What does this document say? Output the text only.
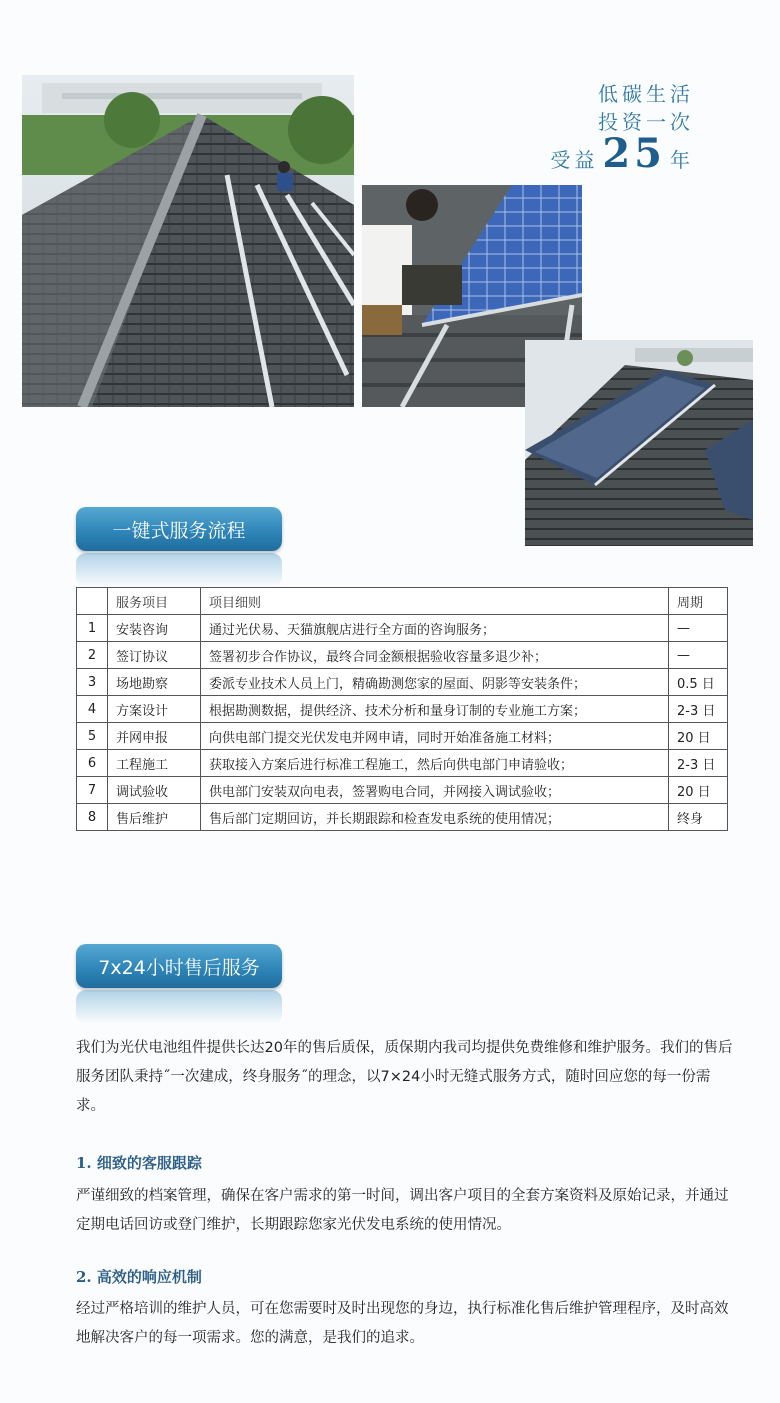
低碳生活
投资一次
受益 25 年
一键式服务流程
	服务项目	项目细则	周期
1	安装咨询	通过光伏易、天猫旗舰店进行全方面的咨询服务；	—
2	签订协议	签署初步合作协议，最终合同金额根据验收容量多退少补；	—
3	场地勘察	委派专业技术人员上门，精确勘测您家的屋面、阴影等安装条件；	0.5 日
4	方案设计	根据勘测数据，提供经济、技术分析和量身订制的专业施工方案；	2-3 日
5	并网申报	向供电部门提交光伏发电并网申请，同时开始准备施工材料；	20 日
6	工程施工	获取接入方案后进行标准工程施工，然后向供电部门申请验收；	2-3 日
7	调试验收	供电部门安装双向电表，签署购电合同，并网接入调试验收；	20 日
8	售后维护	售后部门定期回访，并长期跟踪和检查发电系统的使用情况；	终身
7x24小时售后服务
我们为光伏电池组件提供长达20年的售后质保，质保期内我司均提供免费维修和维护服务。我们的售后服务团队秉持˝一次建成，终身服务˝的理念，以7×24小时无缝式服务方式，随时回应您的每一份需求。
1. 细致的客服跟踪
严谨细致的档案管理，确保在客户需求的第一时间，调出客户项目的全套方案资料及原始记录，并通过定期电话回访或登门维护，长期跟踪您家光伏发电系统的使用情况。
2. 高效的响应机制
经过严格培训的维护人员，可在您需要时及时出现您的身边，执行标准化售后维护管理程序，及时高效地解决客户的每一项需求。您的满意，是我们的追求。
